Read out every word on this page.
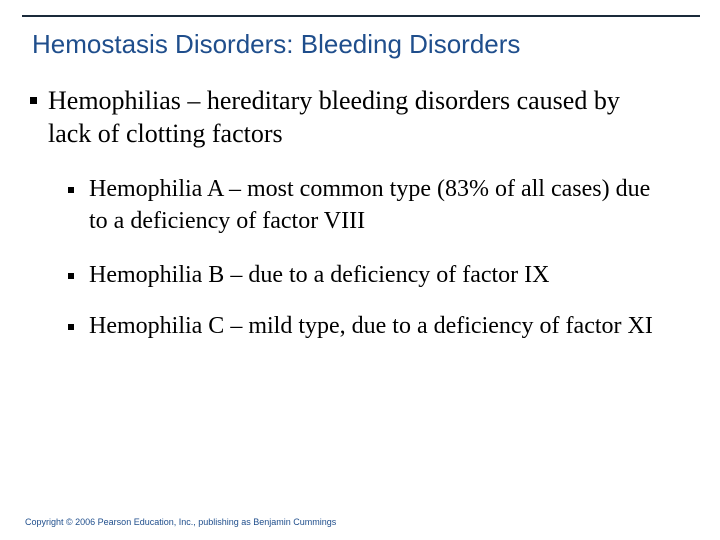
Hemostasis Disorders: Bleeding Disorders
Hemophilias – hereditary bleeding disorders caused by lack of clotting factors
Hemophilia A – most common type (83% of all cases) due to a deficiency of factor VIII
Hemophilia B – due to a deficiency of factor IX
Hemophilia C – mild type, due to a deficiency of factor XI
Copyright © 2006 Pearson Education, Inc., publishing as Benjamin Cummings
